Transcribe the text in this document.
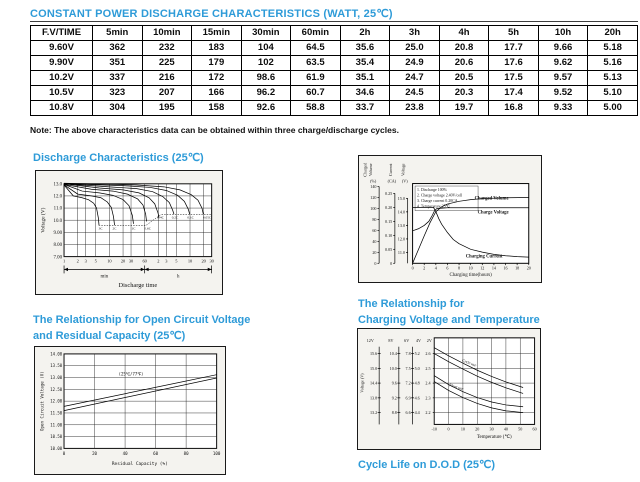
CONSTANT POWER DISCHARGE CHARACTERISTICS (WATT, 25℃)
F.V/TIME	5min	10min	15min	30min	60min	2h	3h	4h	5h	10h	20h
9.60V	362	232	183	104	64.5	35.6	25.0	20.8	17.7	9.66	5.18
9.90V	351	225	179	102	63.5	35.4	24.9	20.6	17.6	9.62	5.16
10.2V	337	216	172	98.6	61.9	35.1	24.7	20.5	17.5	9.57	5.13
10.5V	323	207	166	96.2	60.7	34.6	24.5	20.3	17.4	9.52	5.10
10.8V	304	195	158	92.6	58.8	33.7	23.8	19.7	16.8	9.33	5.00
Note: The above characteristics data can be obtained within three charge/discharge cycles.
Discharge Characteristics (25℃)
13.0
12.0
11.0
10.0
9.00
8.00
7.00
1	2 3 5 10 20 30 60 2 3 5 10 20 30
3C	2C	1C	0.6C
0.4C 0.2C	0.1C	0.05C
Voltage (V)
min	h
Discharge time
Charged Volume
(%)
Current
(CA)
Voltage
(V)
0
20
40
60
80
100
120
140
0
0.05
0.10
0.15
0.20
0.25
11.0
12.0
13.0
14.0
15.0
0 2 4 6 8 10 12 14 16 18 20
Charging time(hours)
1. Discharge 100%
2. Charge voltage 2.40V/cell
3. Charge current 0.20CA
4. Temperature 25℃
Charged Volume
Charge Voltage
Charging Current
The Relationship for Open Circuit Voltage
and Residual Capacity (25℃)
14.00
13.50
13.00
12.50
12.00
11.50
11.00
10.50
10.00
0	20	40	60	80	100
(25℃/77℉)
Open Circuit Voltage (V)
Residual Capacity (%)
The Relationship for
Charging Voltage and Temperature
12V	8V	6V 4V 2V
15.6
15.0
14.4
13.8
13.2
10.4
10.0
9.6
9.2
8.8
7.8
7.5
7.2
6.9
6.6
5.2
5.0
4.8
4.6
4.4
2.6
2.5
2.4
2.3
2.2
Voltage (V)
-10	0	10 20 30 40 50 60
Cycle use
Float use
Temperature (℃)
Cycle Life on D.O.D (25℃)
